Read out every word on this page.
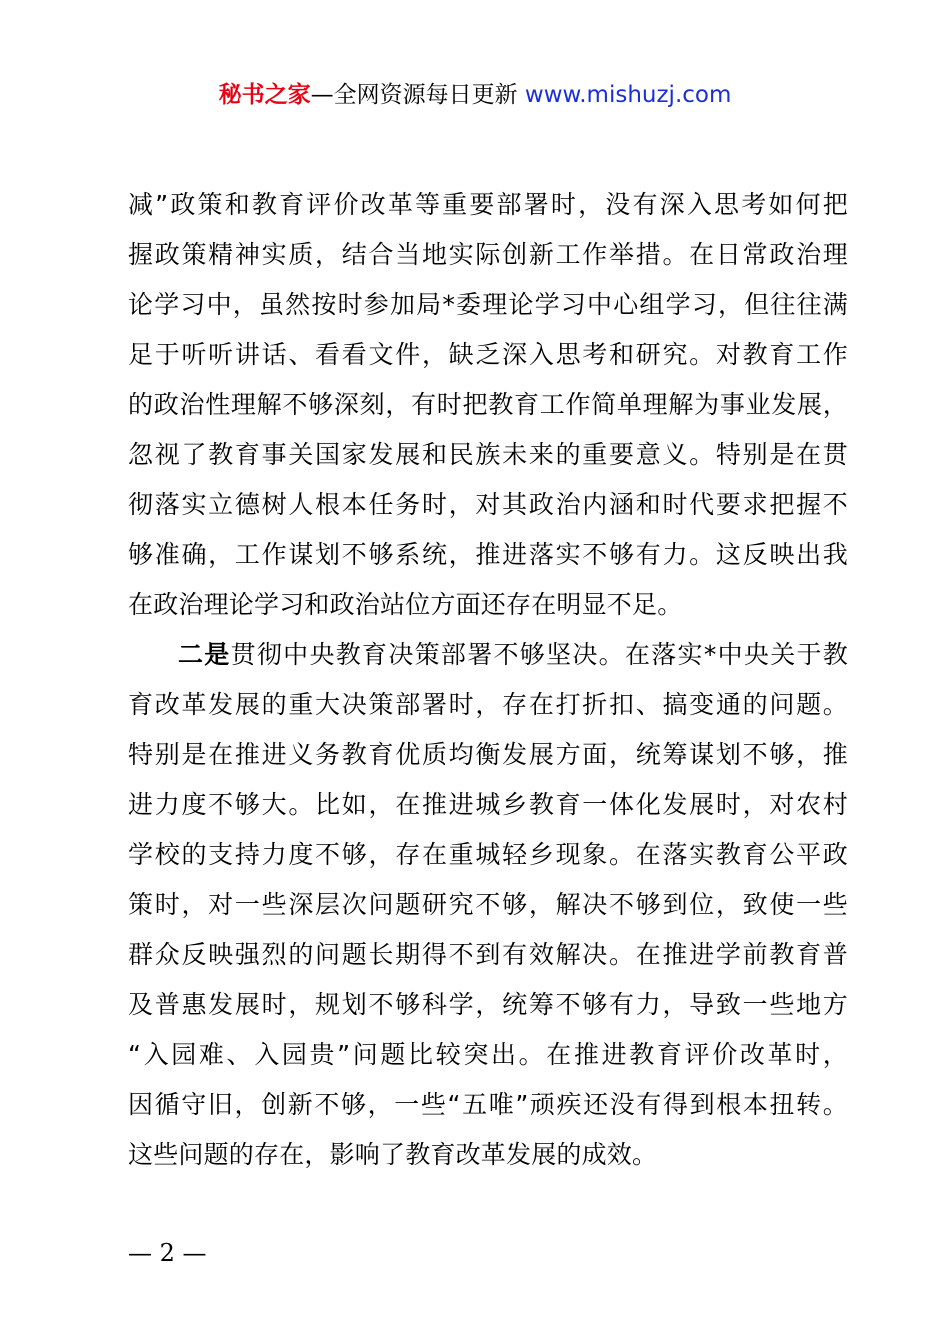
秘书之家—全网资源每日更新 www.mishuzj.com
减”政策和教育评价改革等重要部署时，没有深入思考如何把
握政策精神实质，结合当地实际创新工作举措。在日常政治理
论学习中，虽然按时参加局*委理论学习中心组学习，但往往满
足于听听讲话、看看文件，缺乏深入思考和研究。对教育工作
的政治性理解不够深刻，有时把教育工作简单理解为事业发展，
忽视了教育事关国家发展和民族未来的重要意义。特别是在贯
彻落实立德树人根本任务时，对其政治内涵和时代要求把握不
够准确，工作谋划不够系统，推进落实不够有力。这反映出我
在政治理论学习和政治站位方面还存在明显不足。
二是贯彻中央教育决策部署不够坚决。在落实*中央关于教
育改革发展的重大决策部署时，存在打折扣、搞变通的问题。
特别是在推进义务教育优质均衡发展方面，统筹谋划不够，推
进力度不够大。比如，在推进城乡教育一体化发展时，对农村
学校的支持力度不够，存在重城轻乡现象。在落实教育公平政
策时，对一些深层次问题研究不够，解决不够到位，致使一些
群众反映强烈的问题长期得不到有效解决。在推进学前教育普
及普惠发展时，规划不够科学，统筹不够有力，导致一些地方
“入园难、入园贵”问题比较突出。在推进教育评价改革时，
因循守旧，创新不够，一些“五唯”顽疾还没有得到根本扭转。
这些问题的存在，影响了教育改革发展的成效。
— 2 —
